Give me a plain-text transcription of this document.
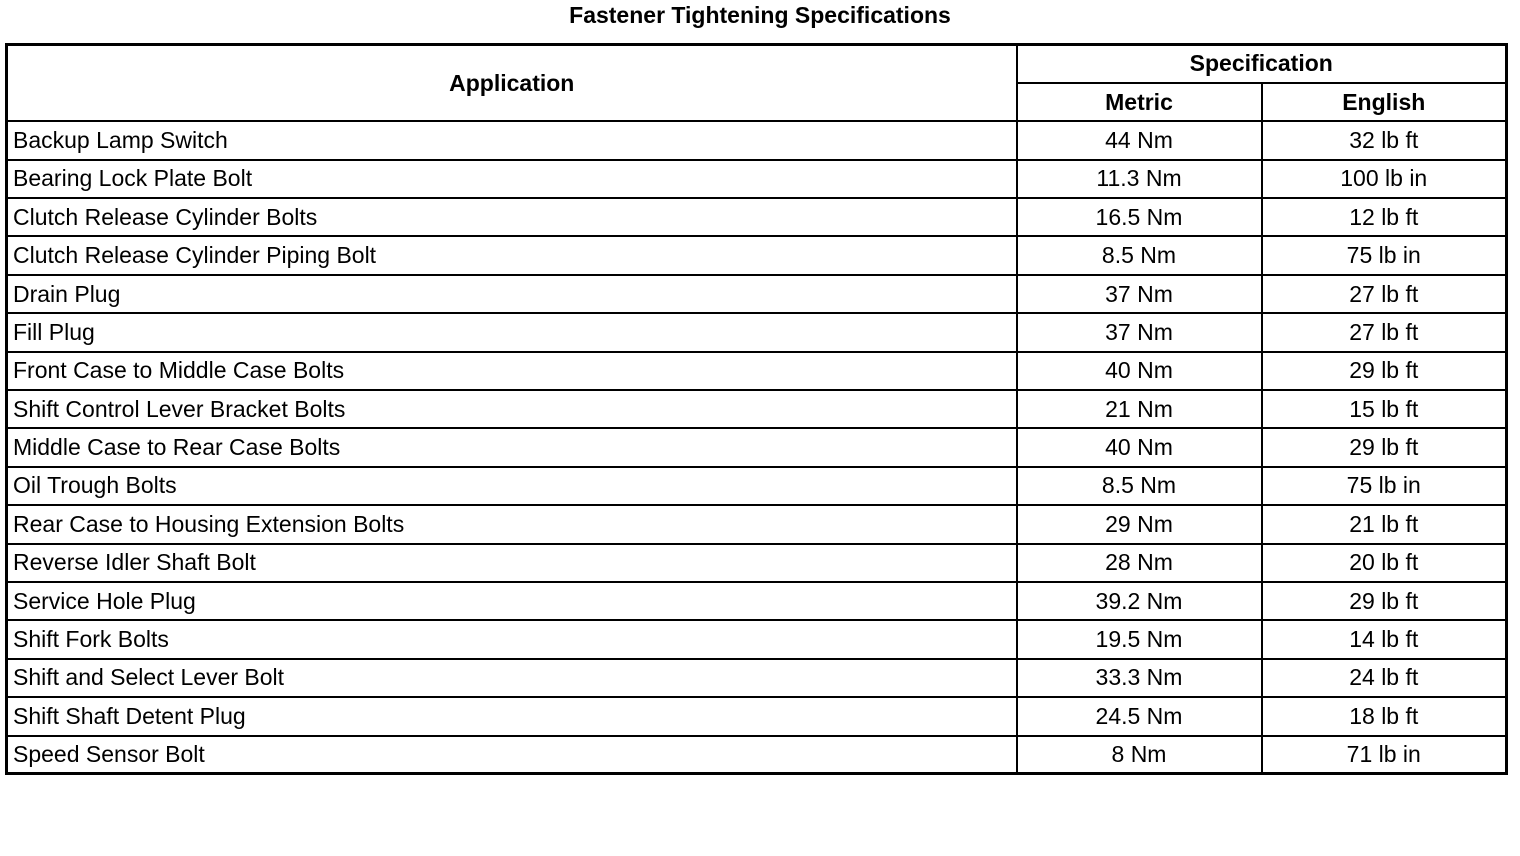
Fastener Tightening Specifications
Application	Specification	
	Metric	English
Backup Lamp Switch	44 Nm	32 lb ft
Bearing Lock Plate Bolt	11.3 Nm	100 lb in
Clutch Release Cylinder Bolts	16.5 Nm	12 lb ft
Clutch Release Cylinder Piping Bolt	8.5 Nm	75 lb in
Drain Plug	37 Nm	27 lb ft
Fill Plug	37 Nm	27 lb ft
Front Case to Middle Case Bolts	40 Nm	29 lb ft
Shift Control Lever Bracket Bolts	21 Nm	15 lb ft
Middle Case to Rear Case Bolts	40 Nm	29 lb ft
Oil Trough Bolts	8.5 Nm	75 lb in
Rear Case to Housing Extension Bolts	29 Nm	21 lb ft
Reverse Idler Shaft Bolt	28 Nm	20 lb ft
Service Hole Plug	39.2 Nm	29 lb ft
Shift Fork Bolts	19.5 Nm	14 lb ft
Shift and Select Lever Bolt	33.3 Nm	24 lb ft
Shift Shaft Detent Plug	24.5 Nm	18 lb ft
Speed Sensor Bolt	8 Nm	71 lb in
